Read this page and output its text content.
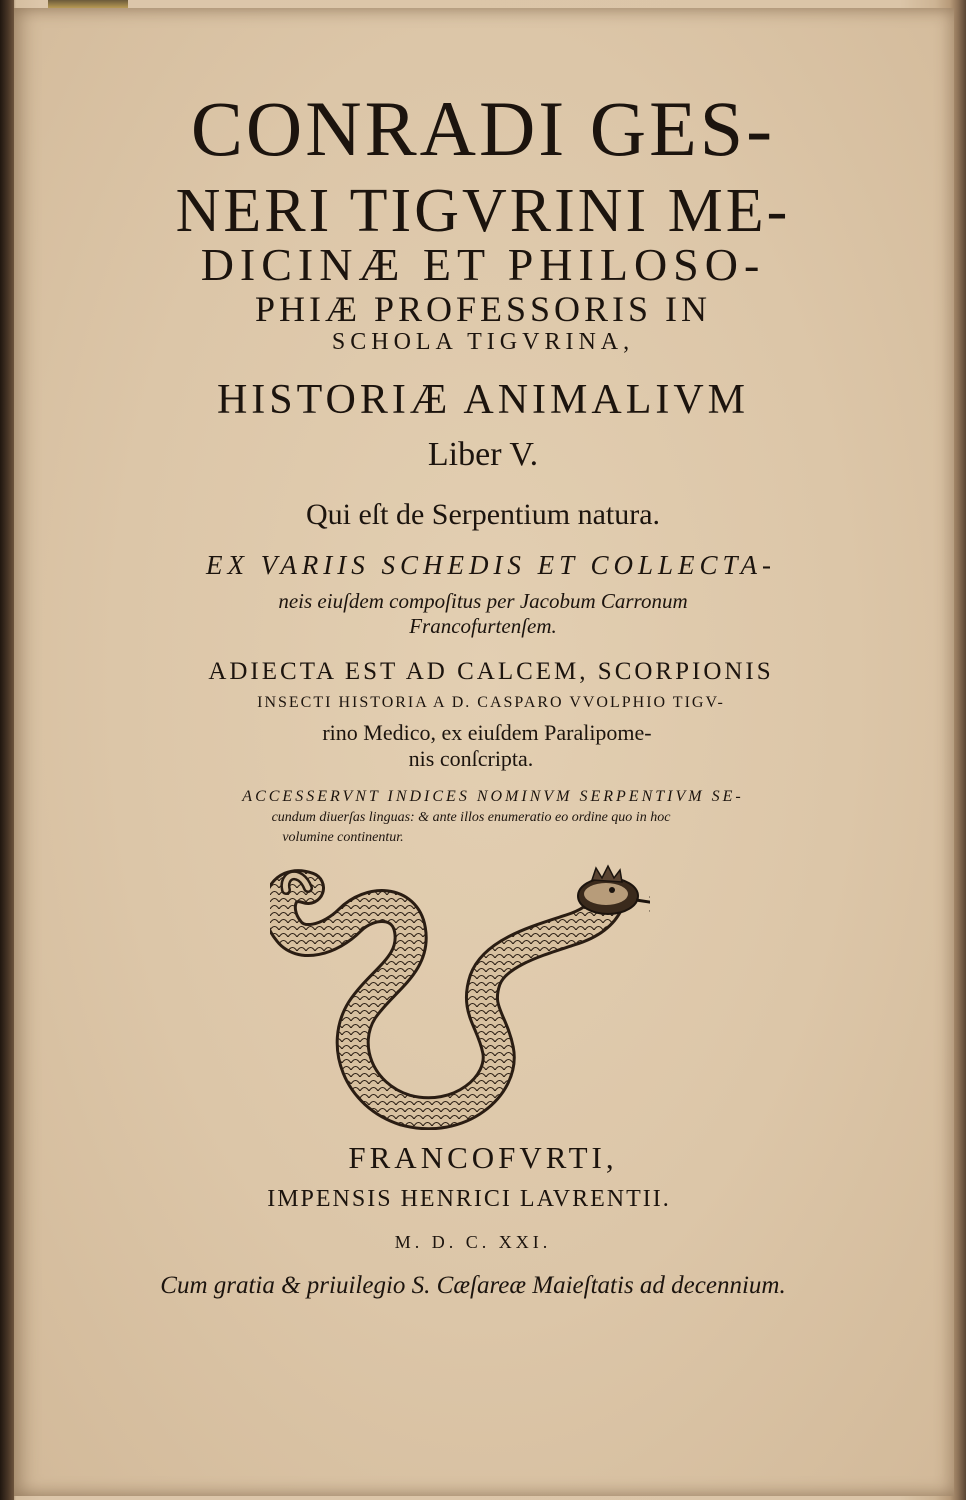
CONRADI GES-
NERI TIGVRINI ME-
DICINÆ ET PHILOSO-
PHIÆ PROFESSORIS IN
SCHOLA TIGVRINA,
HISTORIÆ ANIMALIVM
Liber V.
Qui eſt de Serpentium natura.
EX VARIIS SCHEDIS ET COLLECTA-
neis eiuſdem compoſitus per Jacobum Carronum
Francofurtenſem.
ADIECTA EST AD CALCEM, SCORPIONIS
INSECTI HISTORIA A D. CASPARO VVOLPHIO TIGV-
rino Medico, ex eiuſdem Paralipome-
nis conſcripta.
ACCESSERVNT INDICES NOMINVM SERPENTIVM SE-
cundum diuerſas linguas: & ante illos enumeratio eo ordine quo in hoc
volumine continentur.
FRANCOFVRTI,
IMPENSIS HENRICI LAVRENTII.
M. D. C. XXI.
Cum gratia & priuilegio S. Cæſareæ Maieſtatis ad decennium.
